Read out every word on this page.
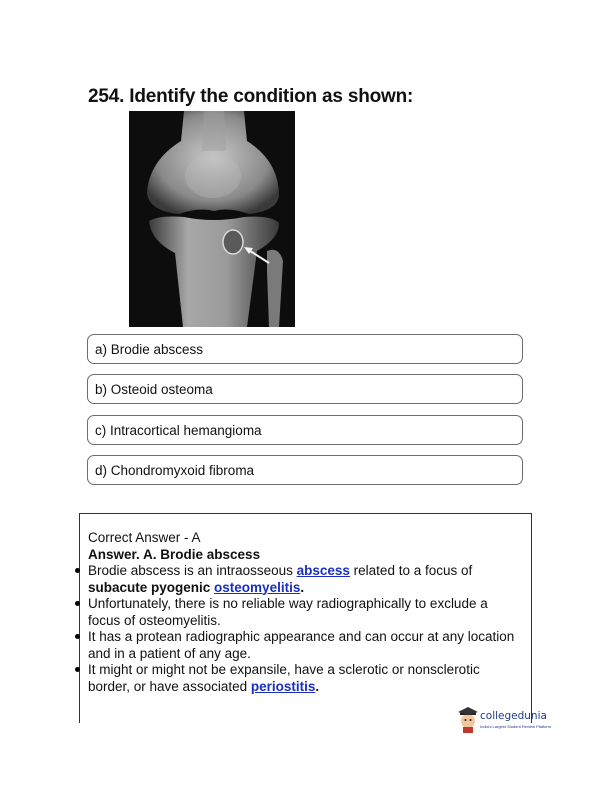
254. Identify the condition as shown:
a) Brodie abscess
b) Osteoid osteoma
c) Intracortical hemangioma
d) Chondromyxoid fibroma
Correct Answer - A
Answer. A. Brodie abscess
Brodie abscess is an intraosseous abscess related to a focus of subacute pyogenic osteomyelitis.
Unfortunately, there is no reliable way radiographically to exclude a focus of osteomyelitis.
It has a protean radiographic appearance and can occur at any location and in a patient of any age.
It might or might not be expansile, have a sclerotic or nonsclerotic border, or have associated periostitis.
collegedunia
India's Largest Student Review Platform
